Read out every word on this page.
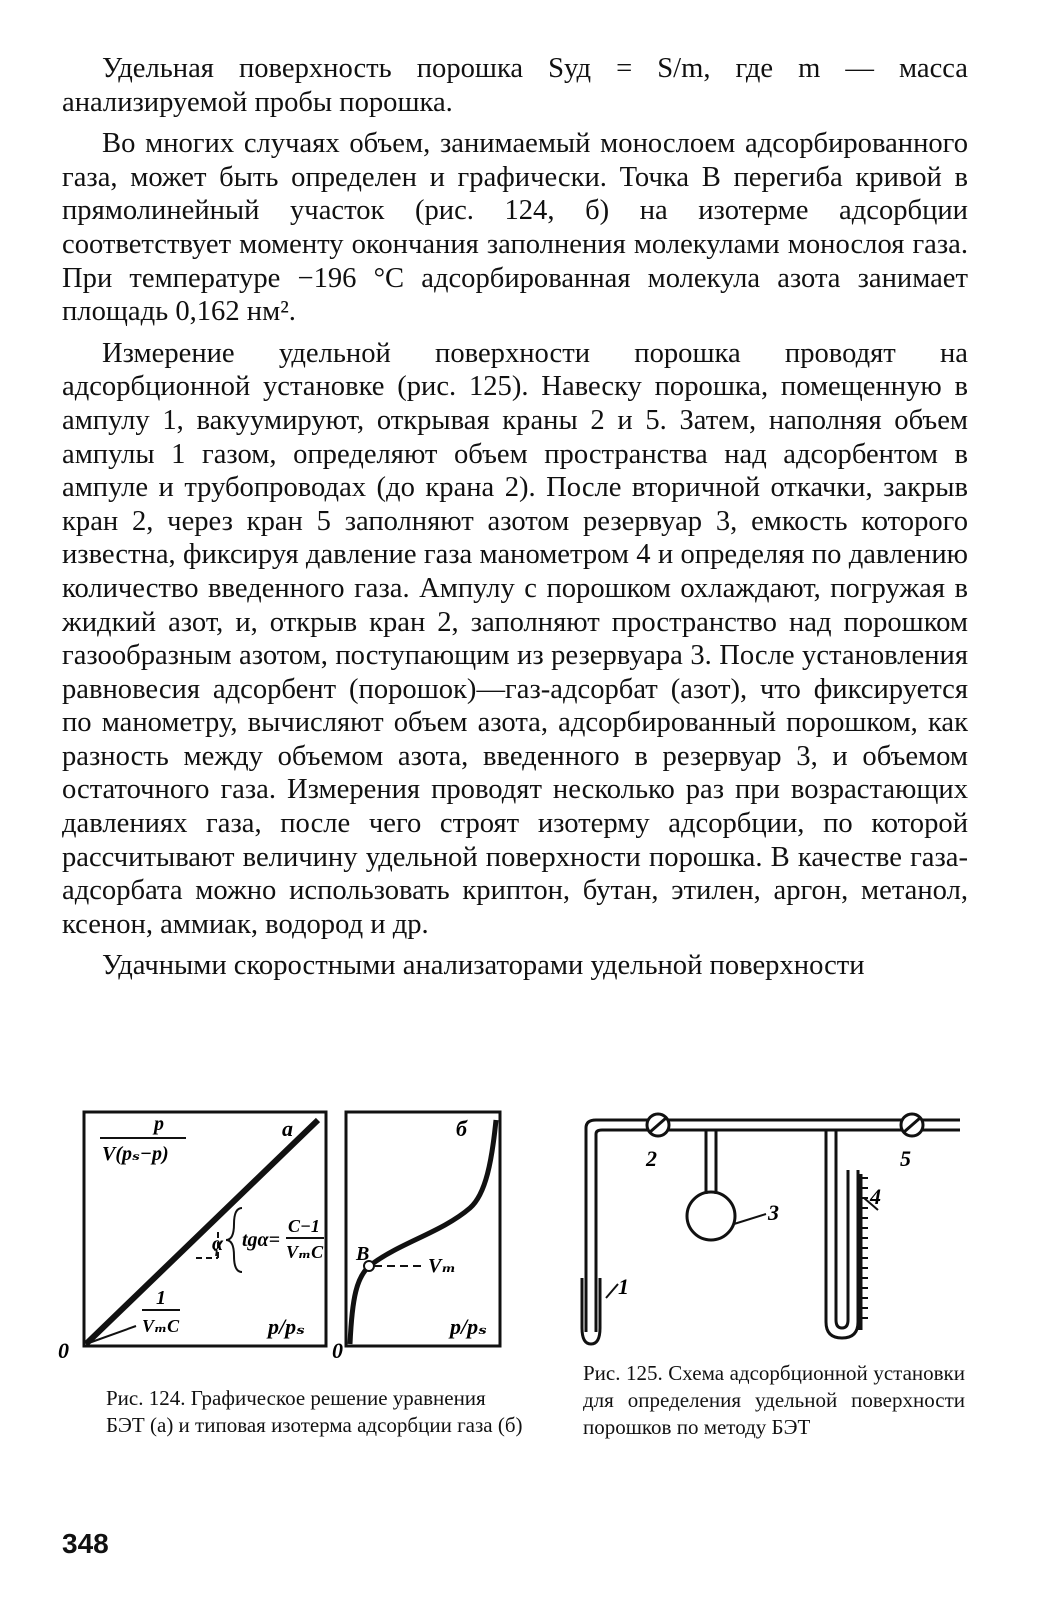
Удельная поверхность порошка Sуд = S/m, где m — масса анализируемой пробы порошка.

Во многих случаях объем, занимаемый монослоем адсорбированного газа, может быть определен и графически. Точка B перегиба кривой в прямолинейный участок (рис. 124, б) на изотерме адсорбции соответствует моменту окончания заполнения молекулами монослоя газа. При температуре −196 °C адсорбированная молекула азота занимает площадь 0,162 нм².

Измерение удельной поверхности порошка проводят на адсорбционной установке (рис. 125). Навеску порошка, помещенную в ампулу 1, вакуумируют, открывая краны 2 и 5. Затем, наполняя объем ампулы 1 газом, определяют объем пространства над адсорбентом в ампуле и трубопроводах (до крана 2). После вторичной откачки, закрыв кран 2, через кран 5 заполняют азотом резервуар 3, емкость которого известна, фиксируя давление газа манометром 4 и определяя по давлению количество введенного газа. Ампулу с порошком охлаждают, погружая в жидкий азот, и, открыв кран 2, заполняют пространство над порошком газообразным азотом, поступающим из резервуара 3. После установления равновесия адсорбент (порошок)—газ-адсорбат (азот), что фиксируется по манометру, вычисляют объем азота, адсорбированный порошком, как разность между объемом азота, введенного в резервуар 3, и объемом остаточного газа. Измерения проводят несколько раз при возрастающих давлениях газа, после чего строят изотерму адсорбции, по которой рассчитывают величину удельной поверхности порошка. В качестве газа-адсорбата можно использовать криптон, бутан, этилен, аргон, метанол, ксенон, аммиак, водород и др.

Удачными скоростными анализаторами удельной поверхности

p
V(pₛ−p)
а
α tgα=
C−1
VₘC
1
VₘC	p/pₛ
0
B
Vₘ
б
p/pₛ
0
1
2
3
4
5
Рис. 124. Графическое решение уравнения БЭТ (а) и типовая изотерма адсорбции газа (б)
Рис. 125. Схема адсорбционной установки для определения удельной поверхности порошков по методу БЭТ
348
